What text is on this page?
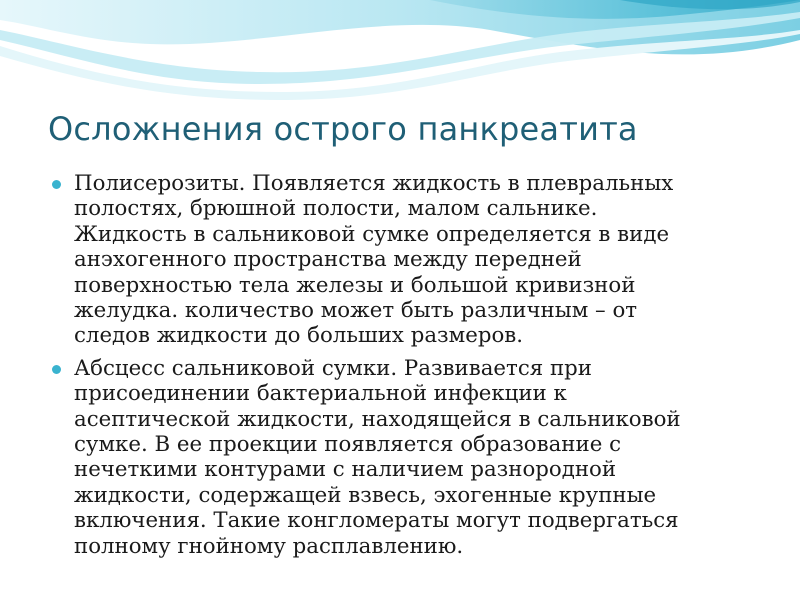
Осложнения острого панкреатита
Полисерозиты. Появляется жидкость в плевральных
полостях, брюшной полости, малом сальнике.
Жидкость в сальниковой сумке определяется в виде
анэхогенного пространства между передней
поверхностью тела железы и большой кривизной
желудка. количество может быть различным – от
следов жидкости до больших размеров.
Абсцесс сальниковой сумки. Развивается при
присоединении бактериальной инфекции к
асептической жидкости, находящейся в сальниковой
сумке. В ее проекции появляется образование с
нечеткими контурами с наличием разнородной
жидкости, содержащей взвесь, эхогенные крупные
включения. Такие конгломераты могут подвергаться
полному гнойному расплавлению.
